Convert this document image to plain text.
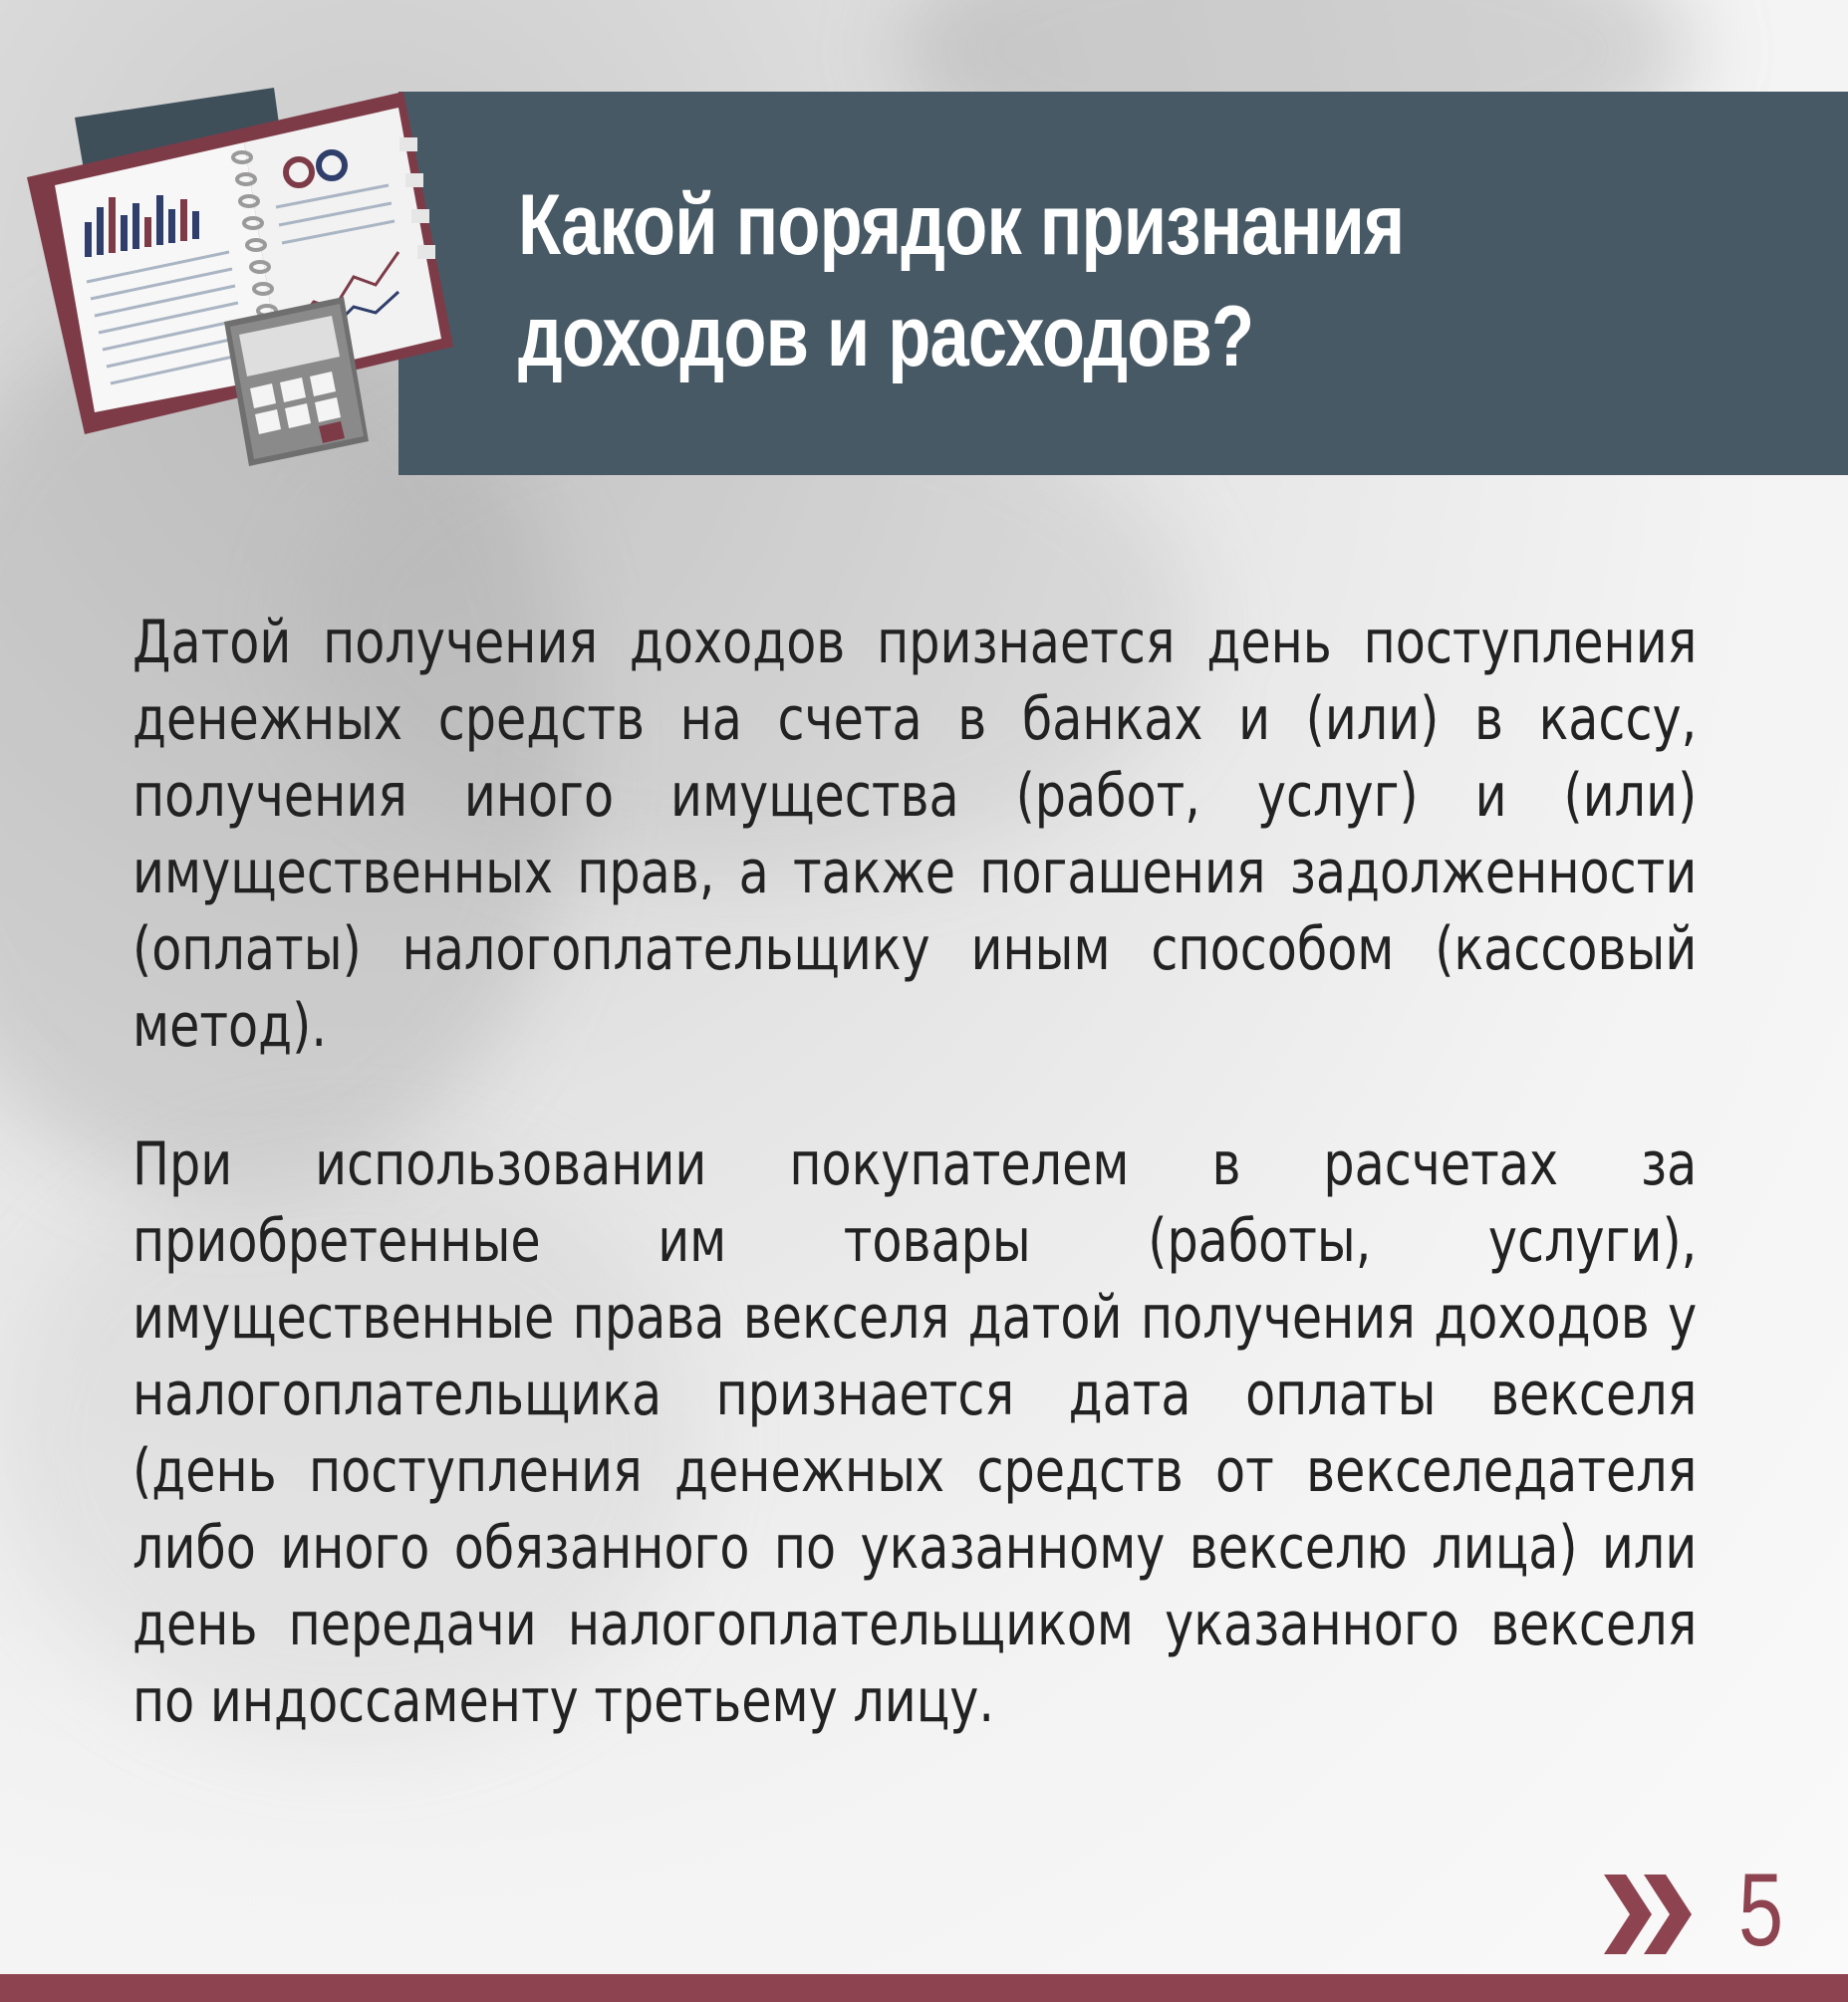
Какой порядок признания
доходов и расходов?

Датой получения доходов признается день поступления денежных средств на счета в банках и (или) в кассу, получения иного имущества (работ, услуг) и (или) имущественных прав, а также погашения задолженности (оплаты) налогоплательщику иным способом (кассовый метод).

При использовании покупателем в расчетах за приобретенные им товары (работы, услуги), имущественные права векселя датой получения доходов у налогоплательщика признается дата оплаты векселя (день поступления денежных средств от векселедателя либо иного обязанного по указанному векселю лица) или день передачи налогоплательщиком указанного векселя по индоссаменту третьему лицу.

5
